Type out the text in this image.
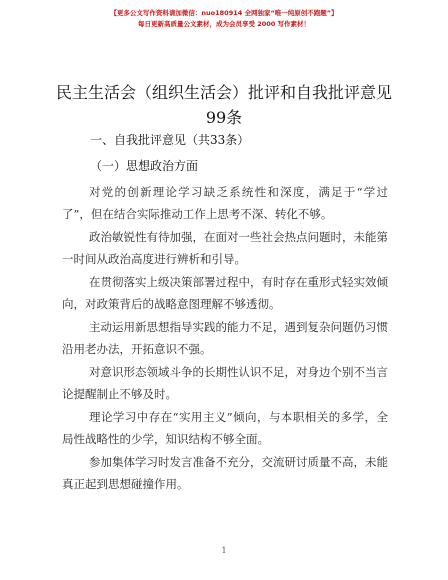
【更多公文写作资料请加微信：nuo180914 全网独家“唯一纯原创不跑题”】
每日更新高质量公文素材，成为会员享受 2000 写作素材！
民主生活会（组织生活会）批评和自我批评意见99条
一、自我批评意见（共33条）
（一）思想政治方面
对党的创新理论学习缺乏系统性和深度，满足于“学过了”，但在结合实际推动工作上思考不深、转化不够。
政治敏锐性有待加强，在面对一些社会热点问题时，未能第一时间从政治高度进行辨析和引导。
在贯彻落实上级决策部署过程中，有时存在重形式轻实效倾向，对政策背后的战略意图理解不够透彻。
主动运用新思想指导实践的能力不足，遇到复杂问题仍习惯沿用老办法，开拓意识不强。
对意识形态领域斗争的长期性认识不足，对身边个别不当言论提醒制止不够及时。
理论学习中存在“实用主义”倾向，与本职相关的多学，全局性战略性的少学，知识结构不够全面。
参加集体学习时发言准备不充分，交流研讨质量不高，未能真正起到思想碰撞作用。
1
